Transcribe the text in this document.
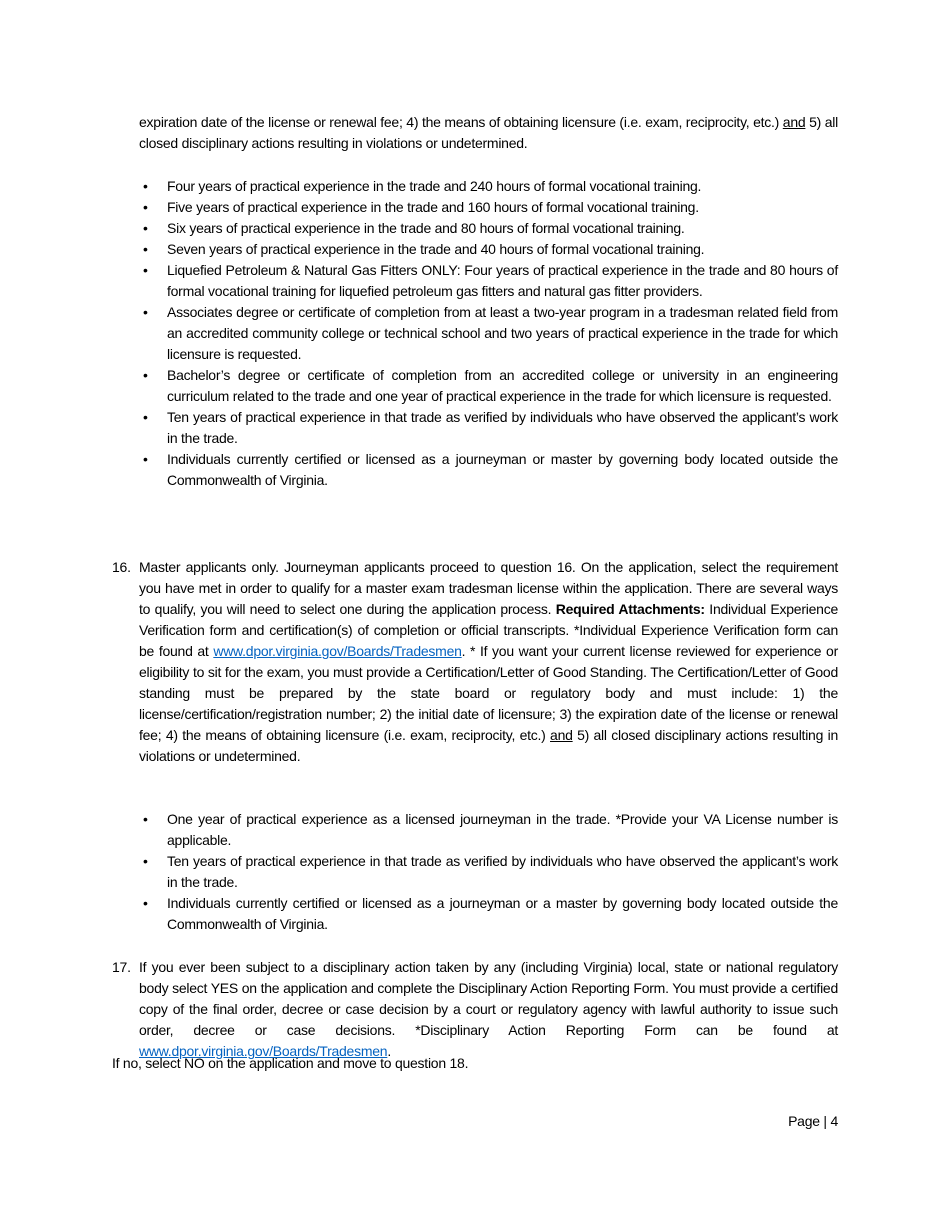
expiration date of the license or renewal fee; 4) the means of obtaining licensure (i.e. exam, reciprocity, etc.) and 5) all closed disciplinary actions resulting in violations or undetermined.
• Four years of practical experience in the trade and 240 hours of formal vocational training.
• Five years of practical experience in the trade and 160 hours of formal vocational training.
• Six years of practical experience in the trade and 80 hours of formal vocational training.
• Seven years of practical experience in the trade and 40 hours of formal vocational training.
• Liquefied Petroleum & Natural Gas Fitters ONLY: Four years of practical experience in the trade and 80 hours of formal vocational training for liquefied petroleum gas fitters and natural gas fitter providers.
• Associates degree or certificate of completion from at least a two-year program in a tradesman related field from an accredited community college or technical school and two years of practical experience in the trade for which licensure is requested.
• Bachelor’s degree or certificate of completion from an accredited college or university in an engineering curriculum related to the trade and one year of practical experience in the trade for which licensure is requested.
• Ten years of practical experience in that trade as verified by individuals who have observed the applicant’s work in the trade.
• Individuals currently certified or licensed as a journeyman or master by governing body located outside the Commonwealth of Virginia.
16. Master applicants only. Journeyman applicants proceed to question 16. On the application, select the requirement you have met in order to qualify for a master exam tradesman license within the application. There are several ways to qualify, you will need to select one during the application process. Required Attachments: Individual Experience Verification form and certification(s) of completion or official transcripts. *Individual Experience Verification form can be found at www.dpor.virginia.gov/Boards/Tradesmen. * If you want your current license reviewed for experience or eligibility to sit for the exam, you must provide a Certification/Letter of Good Standing. The Certification/Letter of Good standing must be prepared by the state board or regulatory body and must include: 1) the license/certification/registration number; 2) the initial date of licensure; 3) the expiration date of the license or renewal fee; 4) the means of obtaining licensure (i.e. exam, reciprocity, etc.) and 5) all closed disciplinary actions resulting in violations or undetermined.
• One year of practical experience as a licensed journeyman in the trade. *Provide your VA License number is applicable.
• Ten years of practical experience in that trade as verified by individuals who have observed the applicant’s work in the trade.
• Individuals currently certified or licensed as a journeyman or a master by governing body located outside the Commonwealth of Virginia.
17. If you ever been subject to a disciplinary action taken by any (including Virginia) local, state or national regulatory body select YES on the application and complete the Disciplinary Action Reporting Form. You must provide a certified copy of the final order, decree or case decision by a court or regulatory agency with lawful authority to issue such order, decree or case decisions. *Disciplinary Action Reporting Form can be found at www.dpor.virginia.gov/Boards/Tradesmen.
If no, select NO on the application and move to question 18.
Page | 4
